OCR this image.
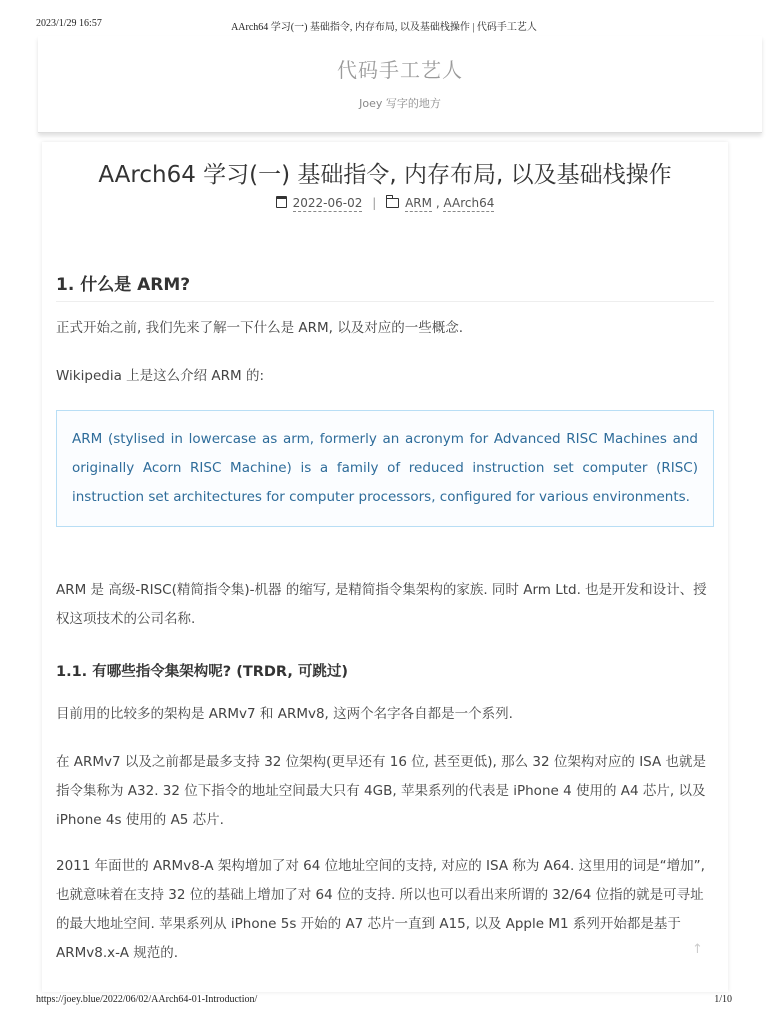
2023/1/29 16:57	AArch64 学习(一) 基础指令, 内存布局, 以及基础栈操作 | 代码手工艺人
代码手工艺人
Joey 写字的地方
AArch64 学习(一) 基础指令, 内存布局, 以及基础栈操作
2022-06-02 | ARM , AArch64
1. 什么是 ARM?
正式开始之前, 我们先来了解一下什么是 ARM, 以及对应的一些概念.
Wikipedia 上是这么介绍 ARM 的:
ARM (stylised in lowercase as arm, formerly an acronym for Advanced RISC Machines and originally Acorn RISC Machine) is a family of reduced instruction set computer (RISC) instruction set architectures for computer processors, configured for various environments.
ARM 是 高级-RISC(精简指令集)-机器 的缩写, 是精简指令集架构的家族. 同时 Arm Ltd. 也是开发和设计、授权这项技术的公司名称.
1.1. 有哪些指令集架构呢? (TRDR, 可跳过)
目前用的比较多的架构是 ARMv7 和 ARMv8, 这两个名字各自都是一个系列.
在 ARMv7 以及之前都是最多支持 32 位架构(更早还有 16 位, 甚至更低), 那么 32 位架构对应的 ISA 也就是指令集称为 A32. 32 位下指令的地址空间最大只有 4GB, 苹果系列的代表是 iPhone 4 使用的 A4 芯片, 以及 iPhone 4s 使用的 A5 芯片.
2011 年面世的 ARMv8-A 架构增加了对 64 位地址空间的支持, 对应的 ISA 称为 A64. 这里用的词是“增加”, 也就意味着在支持 32 位的基础上增加了对 64 位的支持. 所以也可以看出来所谓的 32/64 位指的就是可寻址的最大地址空间. 苹果系列从 iPhone 5s 开始的 A7 芯片一直到 A15, 以及 Apple M1 系列开始都是基于 ARMv8.x-A 规范的.	↑
https://joey.blue/2022/06/02/AArch64-01-Introduction/	1/10
